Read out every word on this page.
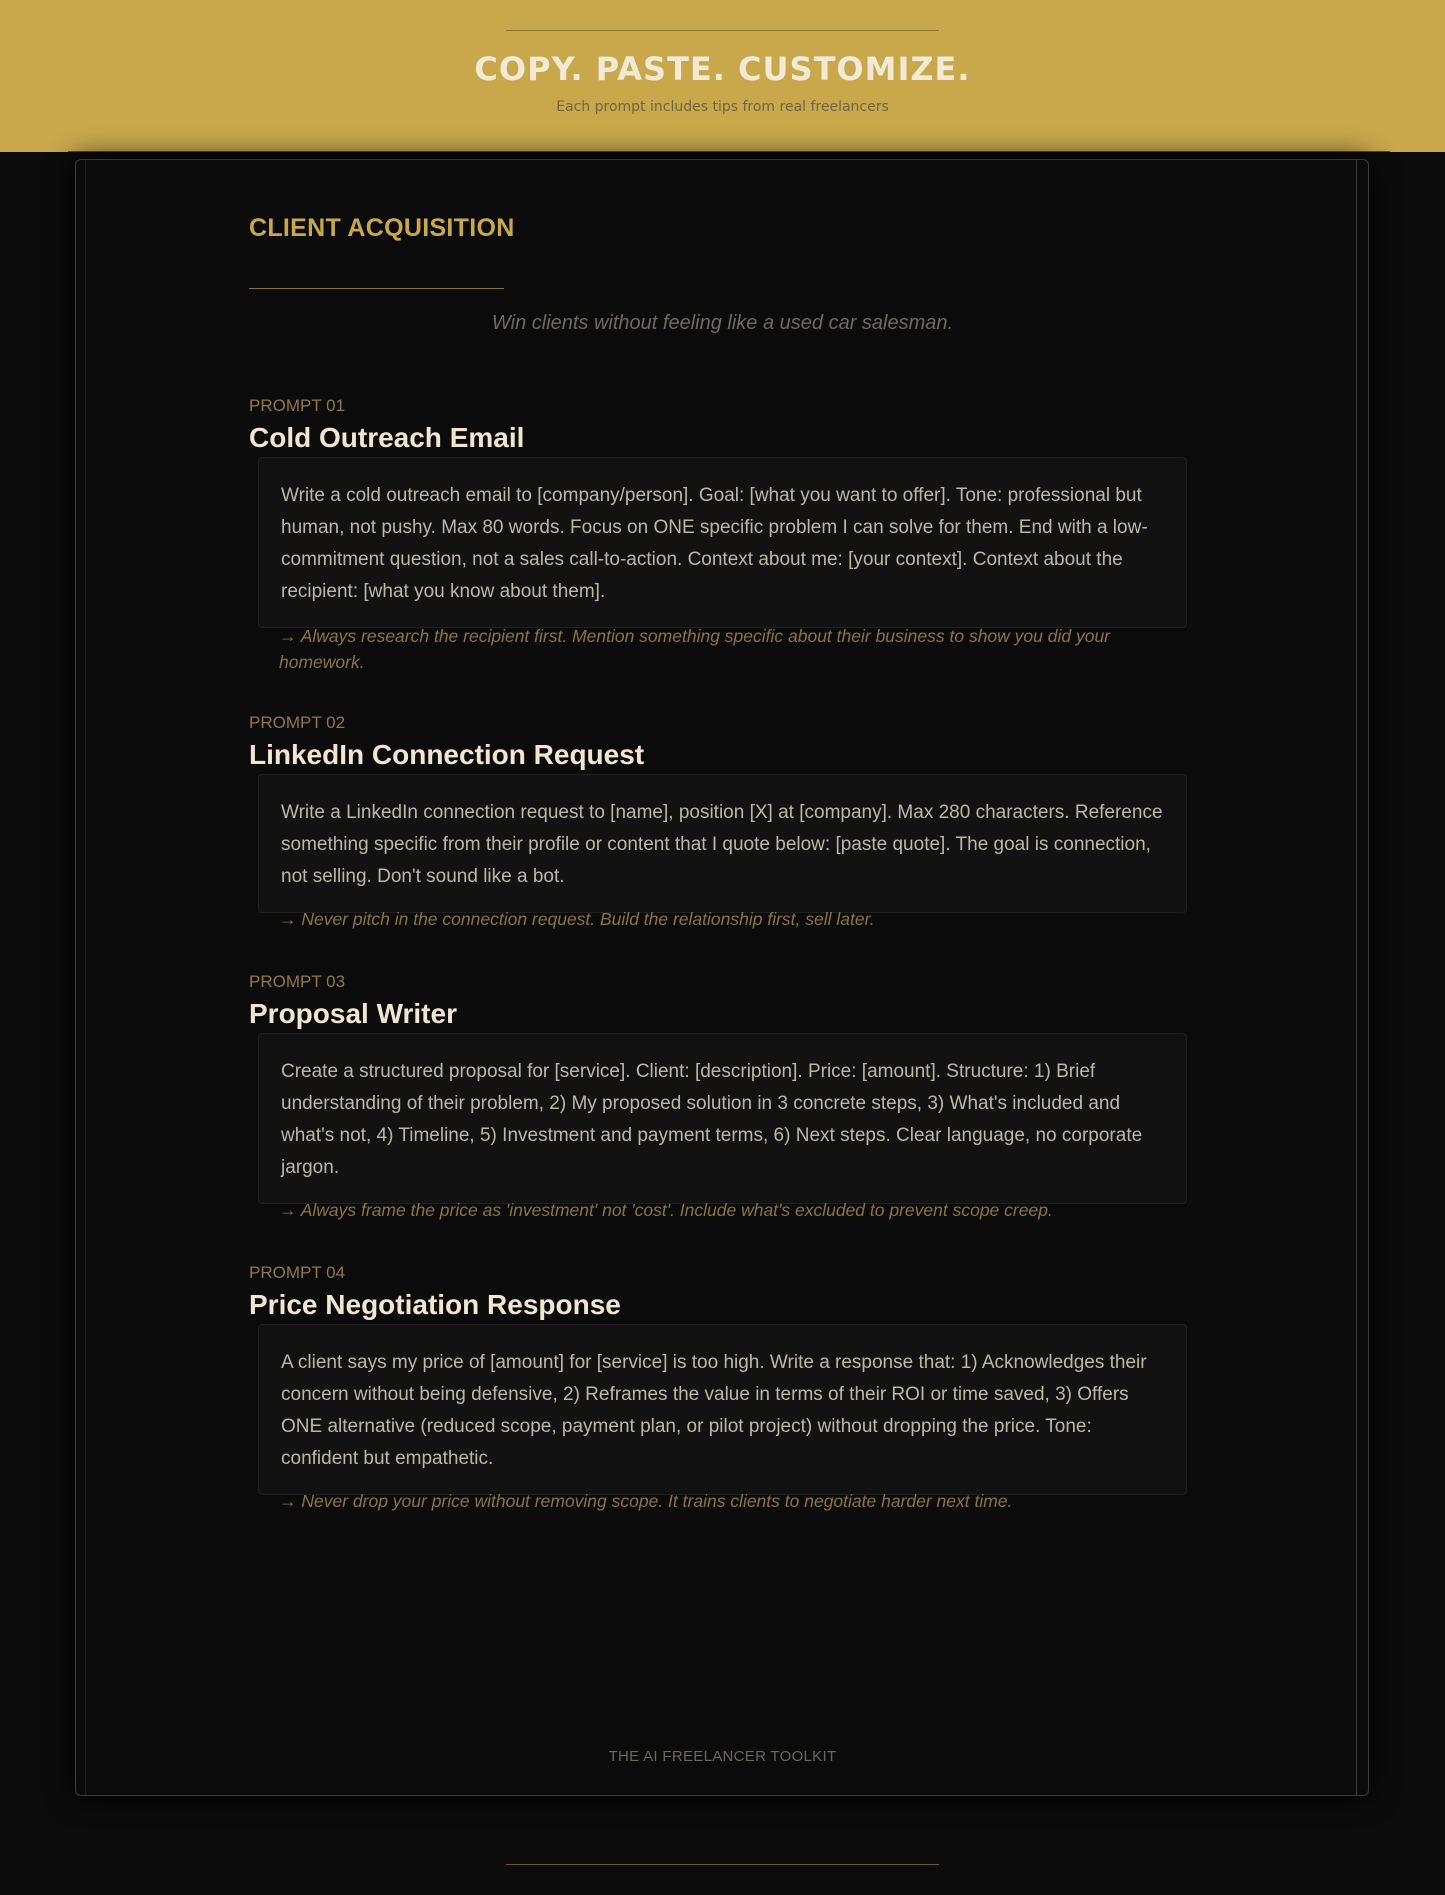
COPY. PASTE. CUSTOMIZE.
Each prompt includes tips from real freelancers
CLIENT ACQUISITION
Win clients without feeling like a used car salesman.
PROMPT 01
Cold Outreach Email

Write a cold outreach email to [company/person]. Goal: [what you want to offer]. Tone: professional but human, not pushy. Max 80 words. Focus on ONE specific problem I can solve for them. End with a low-commitment question, not a sales call-to-action. Context about me: [your context]. Context about the recipient: [what you know about them].

→ Always research the recipient first. Mention something specific about their business to show you did your homework.
PROMPT 02
LinkedIn Connection Request

Write a LinkedIn connection request to [name], position [X] at [company]. Max 280 characters. Reference something specific from their profile or content that I quote below: [paste quote]. The goal is connection, not selling. Don't sound like a bot.

→ Never pitch in the connection request. Build the relationship first, sell later.
PROMPT 03
Proposal Writer

Create a structured proposal for [service]. Client: [description]. Price: [amount]. Structure: 1) Brief understanding of their problem, 2) My proposed solution in 3 concrete steps, 3) What's included and what's not, 4) Timeline, 5) Investment and payment terms, 6) Next steps. Clear language, no corporate jargon.

→ Always frame the price as 'investment' not 'cost'. Include what's excluded to prevent scope creep.
PROMPT 04
Price Negotiation Response

A client says my price of [amount] for [service] is too high. Write a response that: 1) Acknowledges their concern without being defensive, 2) Reframes the value in terms of their ROI or time saved, 3) Offers ONE alternative (reduced scope, payment plan, or pilot project) without dropping the price. Tone: confident but empathetic.

→ Never drop your price without removing scope. It trains clients to negotiate harder next time.
THE AI FREELANCER TOOLKIT
